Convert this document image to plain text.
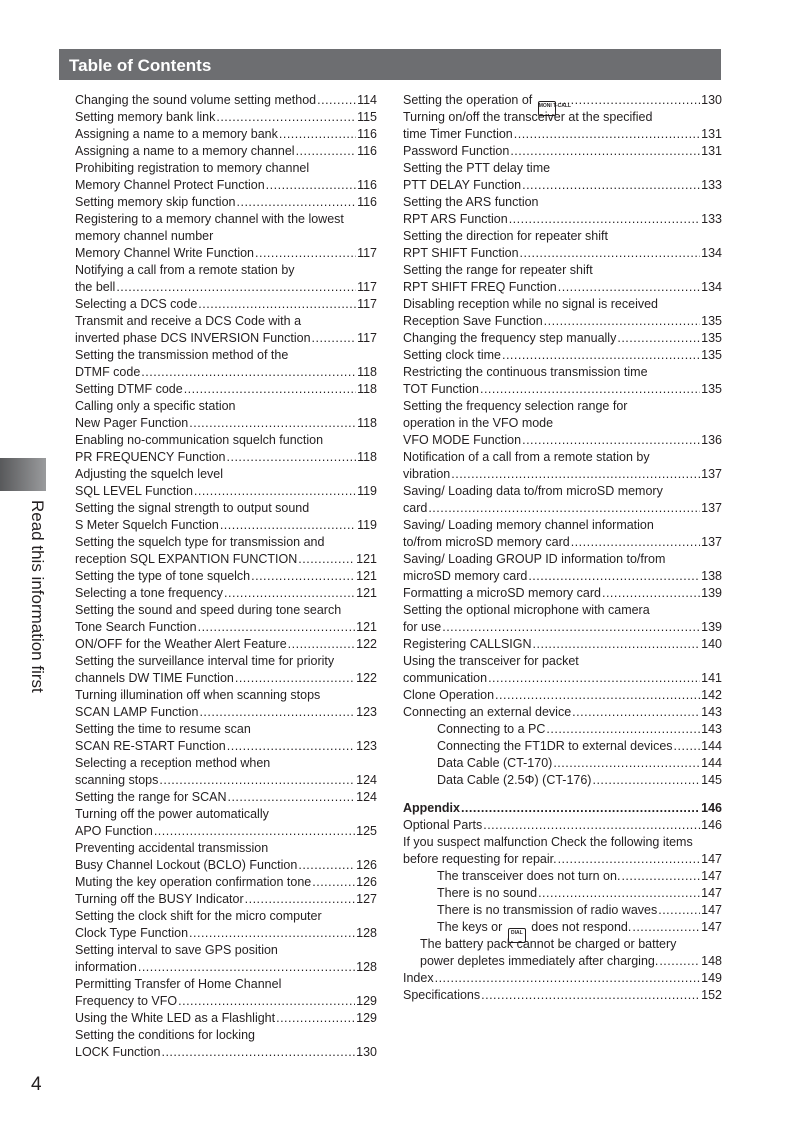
Table of Contents
Read this information first
Changing the sound volume setting method .....	114
Setting memory bank link .....	115
Assigning a name to a memory bank .....	116
Assigning a name to a memory channel .....	116
Prohibiting registration to memory channel
Memory Channel Protect Function .....	116
Setting memory skip function .....	116
Registering to a memory channel with the lowest
memory channel number
Memory Channel Write Function .....	117
Notifying a call from a remote station by
the bell .....	117
Selecting a DCS code .....	117
Transmit and receive a DCS Code with a
inverted phase DCS INVERSION Function .....	117
Setting the transmission method of the
DTMF code .....	118
Setting DTMF code .....	118
Calling only a specific station
New Pager Function .....	118
Enabling no-communication squelch function
PR FREQUENCY Function .....	118
Adjusting the squelch level
SQL LEVEL Function .....	119
Setting the signal strength to output sound
S Meter Squelch Function .....	119
Setting the squelch type for transmission and
reception SQL EXPANTION FUNCTION .....	121
Setting the type of tone squelch .....	121
Selecting a tone frequency .....	121
Setting the sound and speed during tone search
Tone Search Function .....	121
ON/OFF for the Weather Alert Feature .....	122
Setting the surveillance interval time for priority
channels DW TIME Function .....	122
Turning illumination off when scanning stops
SCAN LAMP Function .....	123
Setting the time to resume scan
SCAN RE-START Function .....	123
Selecting a reception method when
scanning stops .....	124
Setting the range for SCAN .....	124
Turning off the power automatically
APO Function .....	125
Preventing accidental transmission
Busy Channel Lockout (BCLO) Function .....	126
Muting the key operation confirmation tone .....	126
Turning off the BUSY Indicator .....	127
Setting the clock shift for the micro computer
Clock Type Function .....	128
Setting interval to save GPS position
information .....	128
Permitting Transfer of Home Channel
Frequency to VFO .....	129
Using the White LED as a Flashlight .....	129
Setting the conditions for locking
LOCK Function .....	130
Setting the operation of MONI T-CALL .....	130
Turning on/off the transceiver at the specified
time Timer Function .....	131
Password Function .....	131
Setting the PTT delay time
PTT DELAY Function .....	133
Setting the ARS function
RPT ARS Function .....	133
Setting the direction for repeater shift
RPT SHIFT Function .....	134
Setting the range for repeater shift
RPT SHIFT FREQ Function .....	134
Disabling reception while no signal is received
Reception Save Function .....	135
Changing the frequency step manually .....	135
Setting clock time .....	135
Restricting the continuous transmission time
TOT Function .....	135
Setting the frequency selection range for
operation in the VFO mode
VFO MODE Function .....	136
Notification of a call from a remote station by
vibration .....	137
Saving/ Loading data to/from microSD memory
card .....	137
Saving/ Loading memory channel information
to/from microSD memory card .....	137
Saving/ Loading GROUP ID information to/from
microSD memory card .....	138
Formatting a microSD memory card .....	139
Setting the optional microphone with camera
for use .....	139
Registering CALLSIGN .....	140
Using the transceiver for packet
communication .....	141
Clone Operation .....	142
Connecting an external device .....	143
Connecting to a PC .....	143
Connecting the FT1DR to external devices ..... 144
Data Cable (CT-170) .....	144
Data Cable (2.5Φ) (CT-176) .....	145
Appendix .....	146
Optional Parts .....	146
If you suspect malfunction Check the following items
before requesting for repair. .....	147
The transceiver does not turn on. .....	147
There is no sound .....	147
There is no transmission of radio waves .....	147
The keys or DIAL does not respond. .....	147
The battery pack cannot be charged or battery
power depletes immediately after charging. .....	148
Index .....	149
Specifications .....	152
4
